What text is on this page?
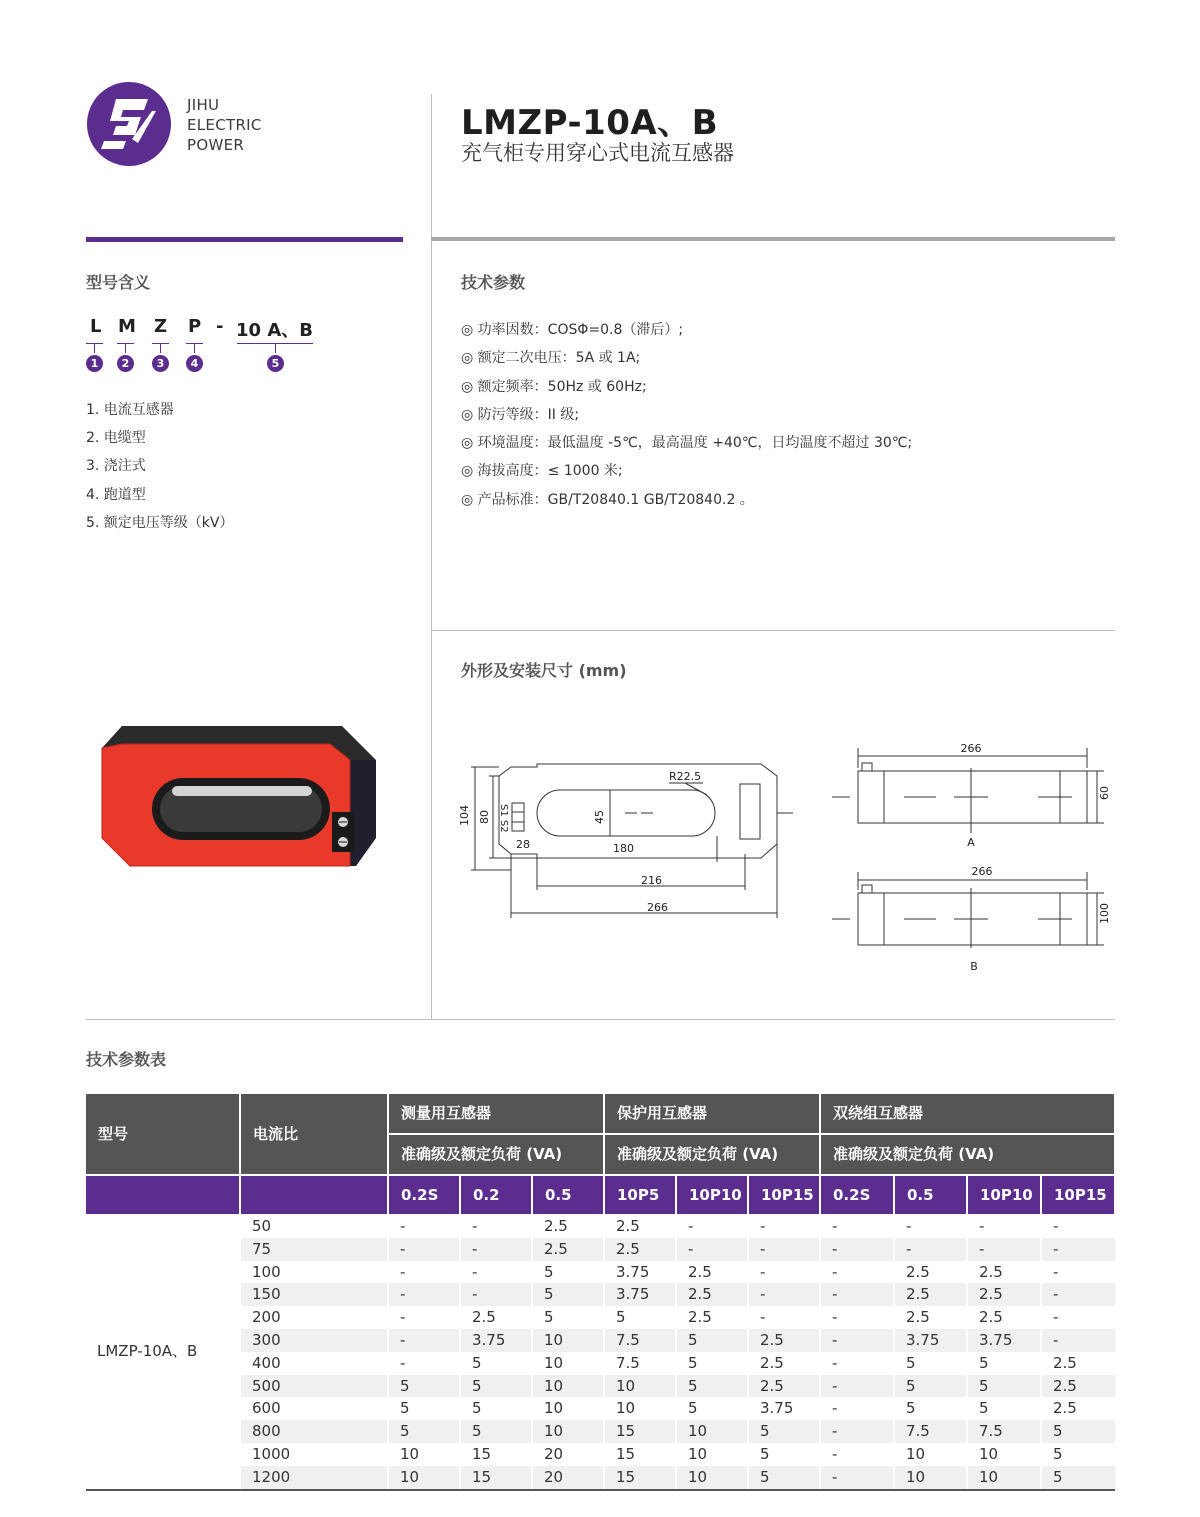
JIHU
ELECTRIC
POWER
LMZP-10A、B
充气柜专用穿心式电流互感器
型号含义
L M Z P - 10 A、B
1	2	3	4	5
1. 电流互感器
2. 电缆型
3. 浇注式
4. 跑道型
5. 额定电压等级（kV）
技术参数
◎ 功率因数：COSΦ=0.8（滞后）;
◎ 额定二次电压：5A 或 1A;
◎ 额定频率：50Hz 或 60Hz;
◎ 防污等级：II 级;
◎ 环境温度：最低温度 -5℃，最高温度 +40℃，日均温度不超过 30℃;
◎ 海拔高度：≤ 1000 米;
◎ 产品标准：GB/T20840.1 GB/T20840.2 。
外形及安装尺寸 (mm)
104 80	45
R22.5
S1 S2
28	180
216
266
266
60
A
266
100
B
技术参数表
型号	电流比
测量用互感器
准确级及额定负荷 (VA)
保护用互感器
准确级及额定负荷 (VA)
双绕组互感器
准确级及额定负荷 (VA)
0.2S	0.2	0.5	10P5	10P10	10P15	0.2S	0.5	10P10	10P15
50	-	-	2.5	2.5	-	-	-	-	-	-
75	-	-	2.5	2.5	-	-	-	-	-	-
100	-	-	5	3.75	2.5	-	-	2.5	2.5	-
150	-	-	5	3.75	2.5	-	-	2.5	2.5	-
200	-	2.5	5	5	2.5	-	-	2.5	2.5	-
300	-	3.75	10	7.5	5	2.5	-	3.75	3.75	-
400	-	5	10	7.5	5	2.5	-	5	5	2.5
500	5	5	10	10	5	2.5	-	5	5	2.5
600	5	5	10	10	5	3.75	-	5	5	2.5
800	5	5	10	15	10	5	-	7.5	7.5	5
1000	10	15	20	15	10	5	-	10	10	5
1200	10	15	20	15	10	5	-	10	10	5
LMZP-10A、B
